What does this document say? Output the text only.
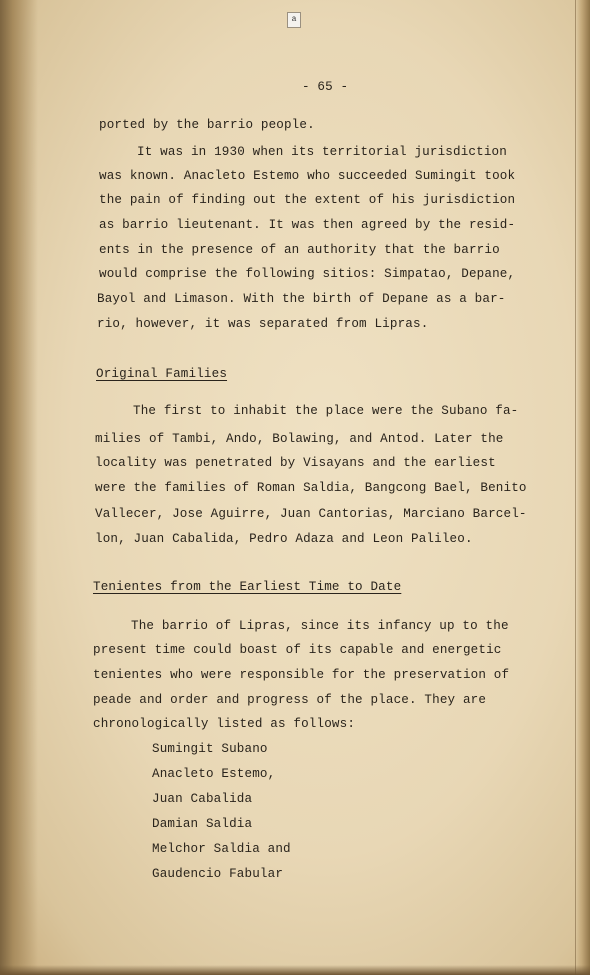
a
- 65 -
ported by the barrio people.
It was in 1930 when its territorial jurisdiction
was known. Anacleto Estemo who succeeded Sumingit took
the pain of finding out the extent of his jurisdiction
as barrio lieutenant. It was then agreed by the resid-
ents in the presence of an authority that the barrio
would comprise the following sitios: Simpatao, Depane,
Bayol and Limason. With the birth of Depane as a bar-
rio, however, it was separated from Lipras.
Original Families
The first to inhabit the place were the Subano fa-
milies of Tambi, Ando, Bolawing, and Antod. Later the
locality was penetrated by Visayans and the earliest
were the families of Roman Saldia, Bangcong Bael, Benito
Vallecer, Jose Aguirre, Juan Cantorias, Marciano Barcel-
lon, Juan Cabalida, Pedro Adaza and Leon Palileo.
Tenientes from the Earliest Time to Date
The barrio of Lipras, since its infancy up to the
present time could boast of its capable and energetic
tenientes who were responsible for the preservation of
peade and order and progress of the place. They are
chronologically listed as follows:
Sumingit Subano
Anacleto Estemo,
Juan Cabalida
Damian Saldia
Melchor Saldia and
Gaudencio Fabular
